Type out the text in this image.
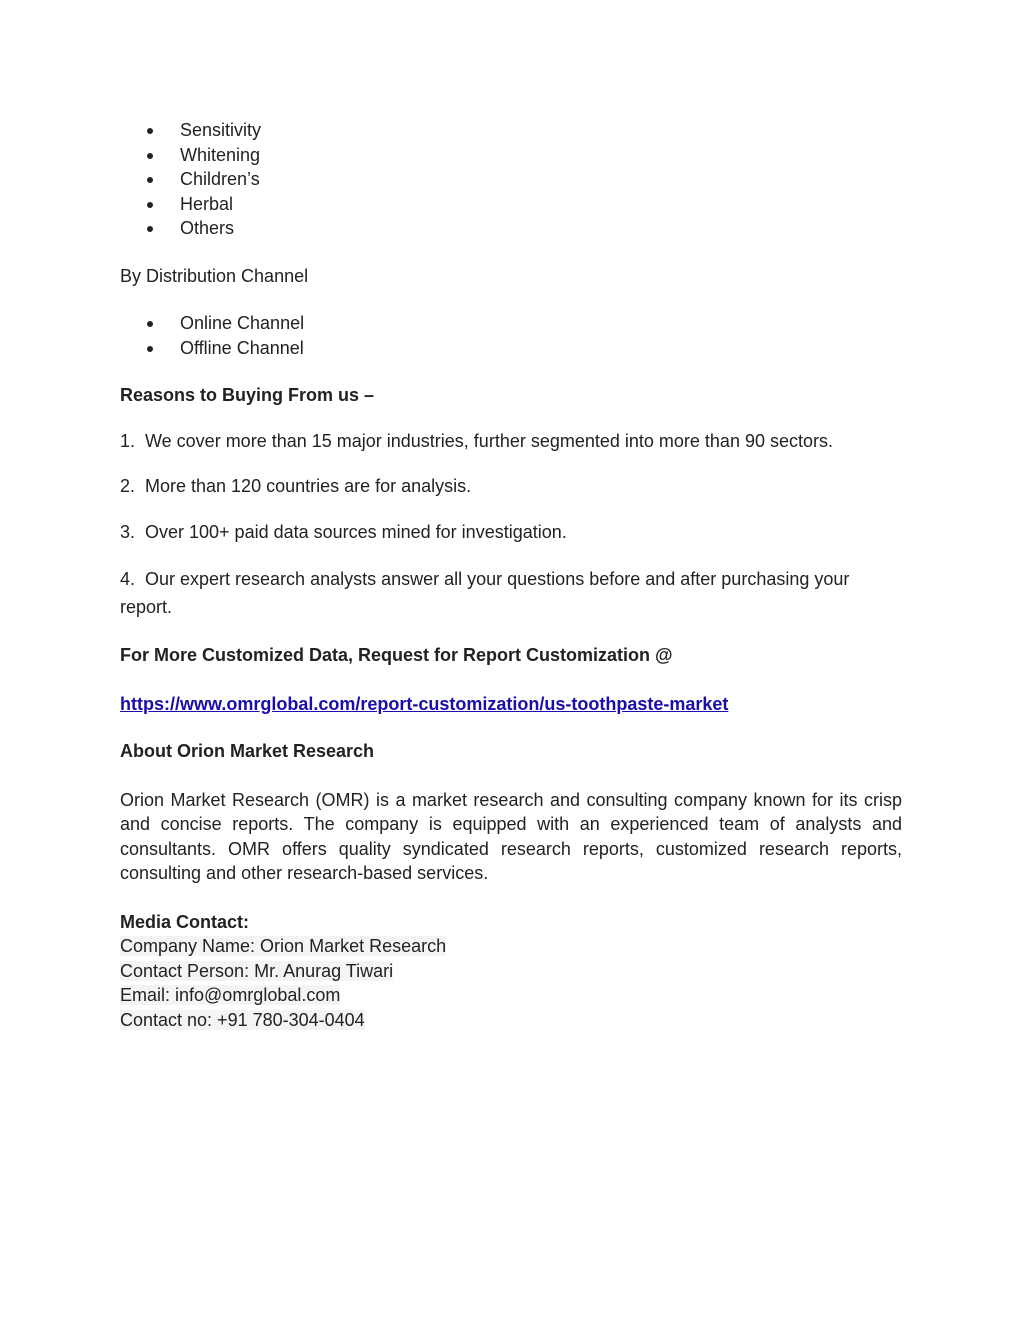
Sensitivity
Whitening
Children’s
Herbal
Others
By Distribution Channel
Online Channel
Offline Channel
Reasons to Buying From us –
1. We cover more than 15 major industries, further segmented into more than 90 sectors.
2. More than 120 countries are for analysis.
3. Over 100+ paid data sources mined for investigation.
4. Our expert research analysts answer all your questions before and after purchasing your report.
For More Customized Data, Request for Report Customization @
https://www.omrglobal.com/report-customization/us-toothpaste-market
About Orion Market Research
Orion Market Research (OMR) is a market research and consulting company known for its crisp and concise reports. The company is equipped with an experienced team of analysts and consultants. OMR offers quality syndicated research reports, customized research reports, consulting and other research-based services.
Media Contact:
Company Name: Orion Market Research
Contact Person: Mr. Anurag Tiwari
Email: info@omrglobal.com
Contact no: +91 780-304-0404
